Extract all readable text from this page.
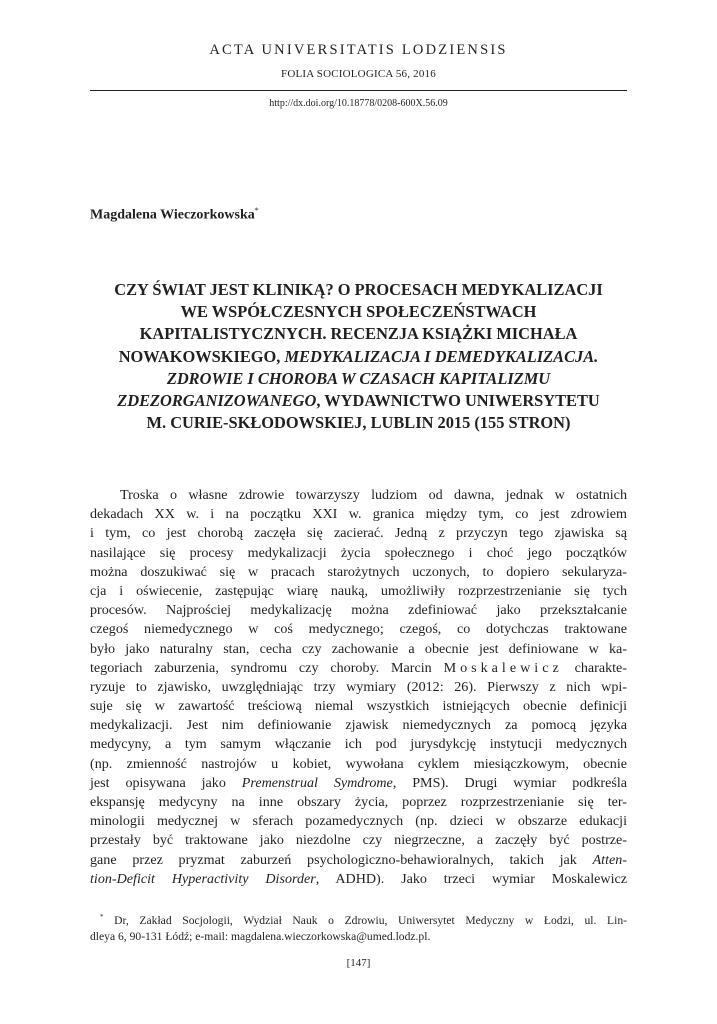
ACTA UNIVERSITATIS LODZIENSIS
FOLIA SOCIOLOGICA 56, 2016
http://dx.doi.org/10.18778/0208-600X.56.09
Magdalena Wieczorkowska*
CZY ŚWIAT JEST KLINIKĄ? O PROCESACH MEDYKALIZACJI
WE WSPÓŁCZESNYCH SPOŁECZEŃSTWACH
KAPITALISTYCZNYCH. RECENZJA KSIĄŻKI MICHAŁA
NOWAKOWSKIEGO, MEDYKALIZACJA I DEMEDYKALIZACJA.
ZDROWIE I CHOROBA W CZASACH KAPITALIZMU
ZDEZORGANIZOWANEGO, WYDAWNICTWO UNIWERSYTETU
M. CURIE-SKŁODOWSKIEJ, LUBLIN 2015 (155 STRON)
Troska o własne zdrowie towarzyszy ludziom od dawna, jednak w ostatnich
dekadach XX w. i na początku XXI w. granica między tym, co jest zdrowiem
i tym, co jest chorobą zaczęła się zacierać. Jedną z przyczyn tego zjawiska są
nasilające się procesy medykalizacji życia społecznego i choć jego początków
można doszukiwać się w pracach starożytnych uczonych, to dopiero sekularyza-
cja i oświecenie, zastępując wiarę nauką, umożliwiły rozprzestrzenianie się tych
procesów. Najprościej medykalizację można zdefiniować jako przekształcanie
czegoś niemedycznego w coś medycznego; czegoś, co dotychczas traktowane
było jako naturalny stan, cecha czy zachowanie a obecnie jest definiowane w ka-
tegoriach zaburzenia, syndromu czy choroby. Marcin Moskalewicz charakte-
ryzuje to zjawisko, uwzględniając trzy wymiary (2012: 26). Pierwszy z nich wpi-
suje się w zawartość treściową niemal wszystkich istniejących obecnie definicji
medykalizacji. Jest nim definiowanie zjawisk niemedycznych za pomocą języka
medycyny, a tym samym włączanie ich pod jurysdykcję instytucji medycznych
(np. zmienność nastrojów u kobiet, wywołana cyklem miesiączkowym, obecnie
jest opisywana jako Premenstrual Symdrome, PMS). Drugi wymiar podkreśla
ekspansję medycyny na inne obszary życia, poprzez rozprzestrzenianie się ter-
minologii medycznej w sferach pozamedycznych (np. dzieci w obszarze edukacji
przestały być traktowane jako niezdolne czy niegrzeczne, a zaczęły być postrze-
gane przez pryzmat zaburzeń psychologiczno-behawioralnych, takich jak Atten-
tion-Deficit Hyperactivity Disorder, ADHD). Jako trzeci wymiar Moskalewicz
* Dr, Zakład Socjologii, Wydział Nauk o Zdrowiu, Uniwersytet Medyczny w Łodzi, ul. Lin-
dleya 6, 90-131 Łódź; e-mail: magdalena.wieczorkowska@umed.lodz.pl.
[147]
